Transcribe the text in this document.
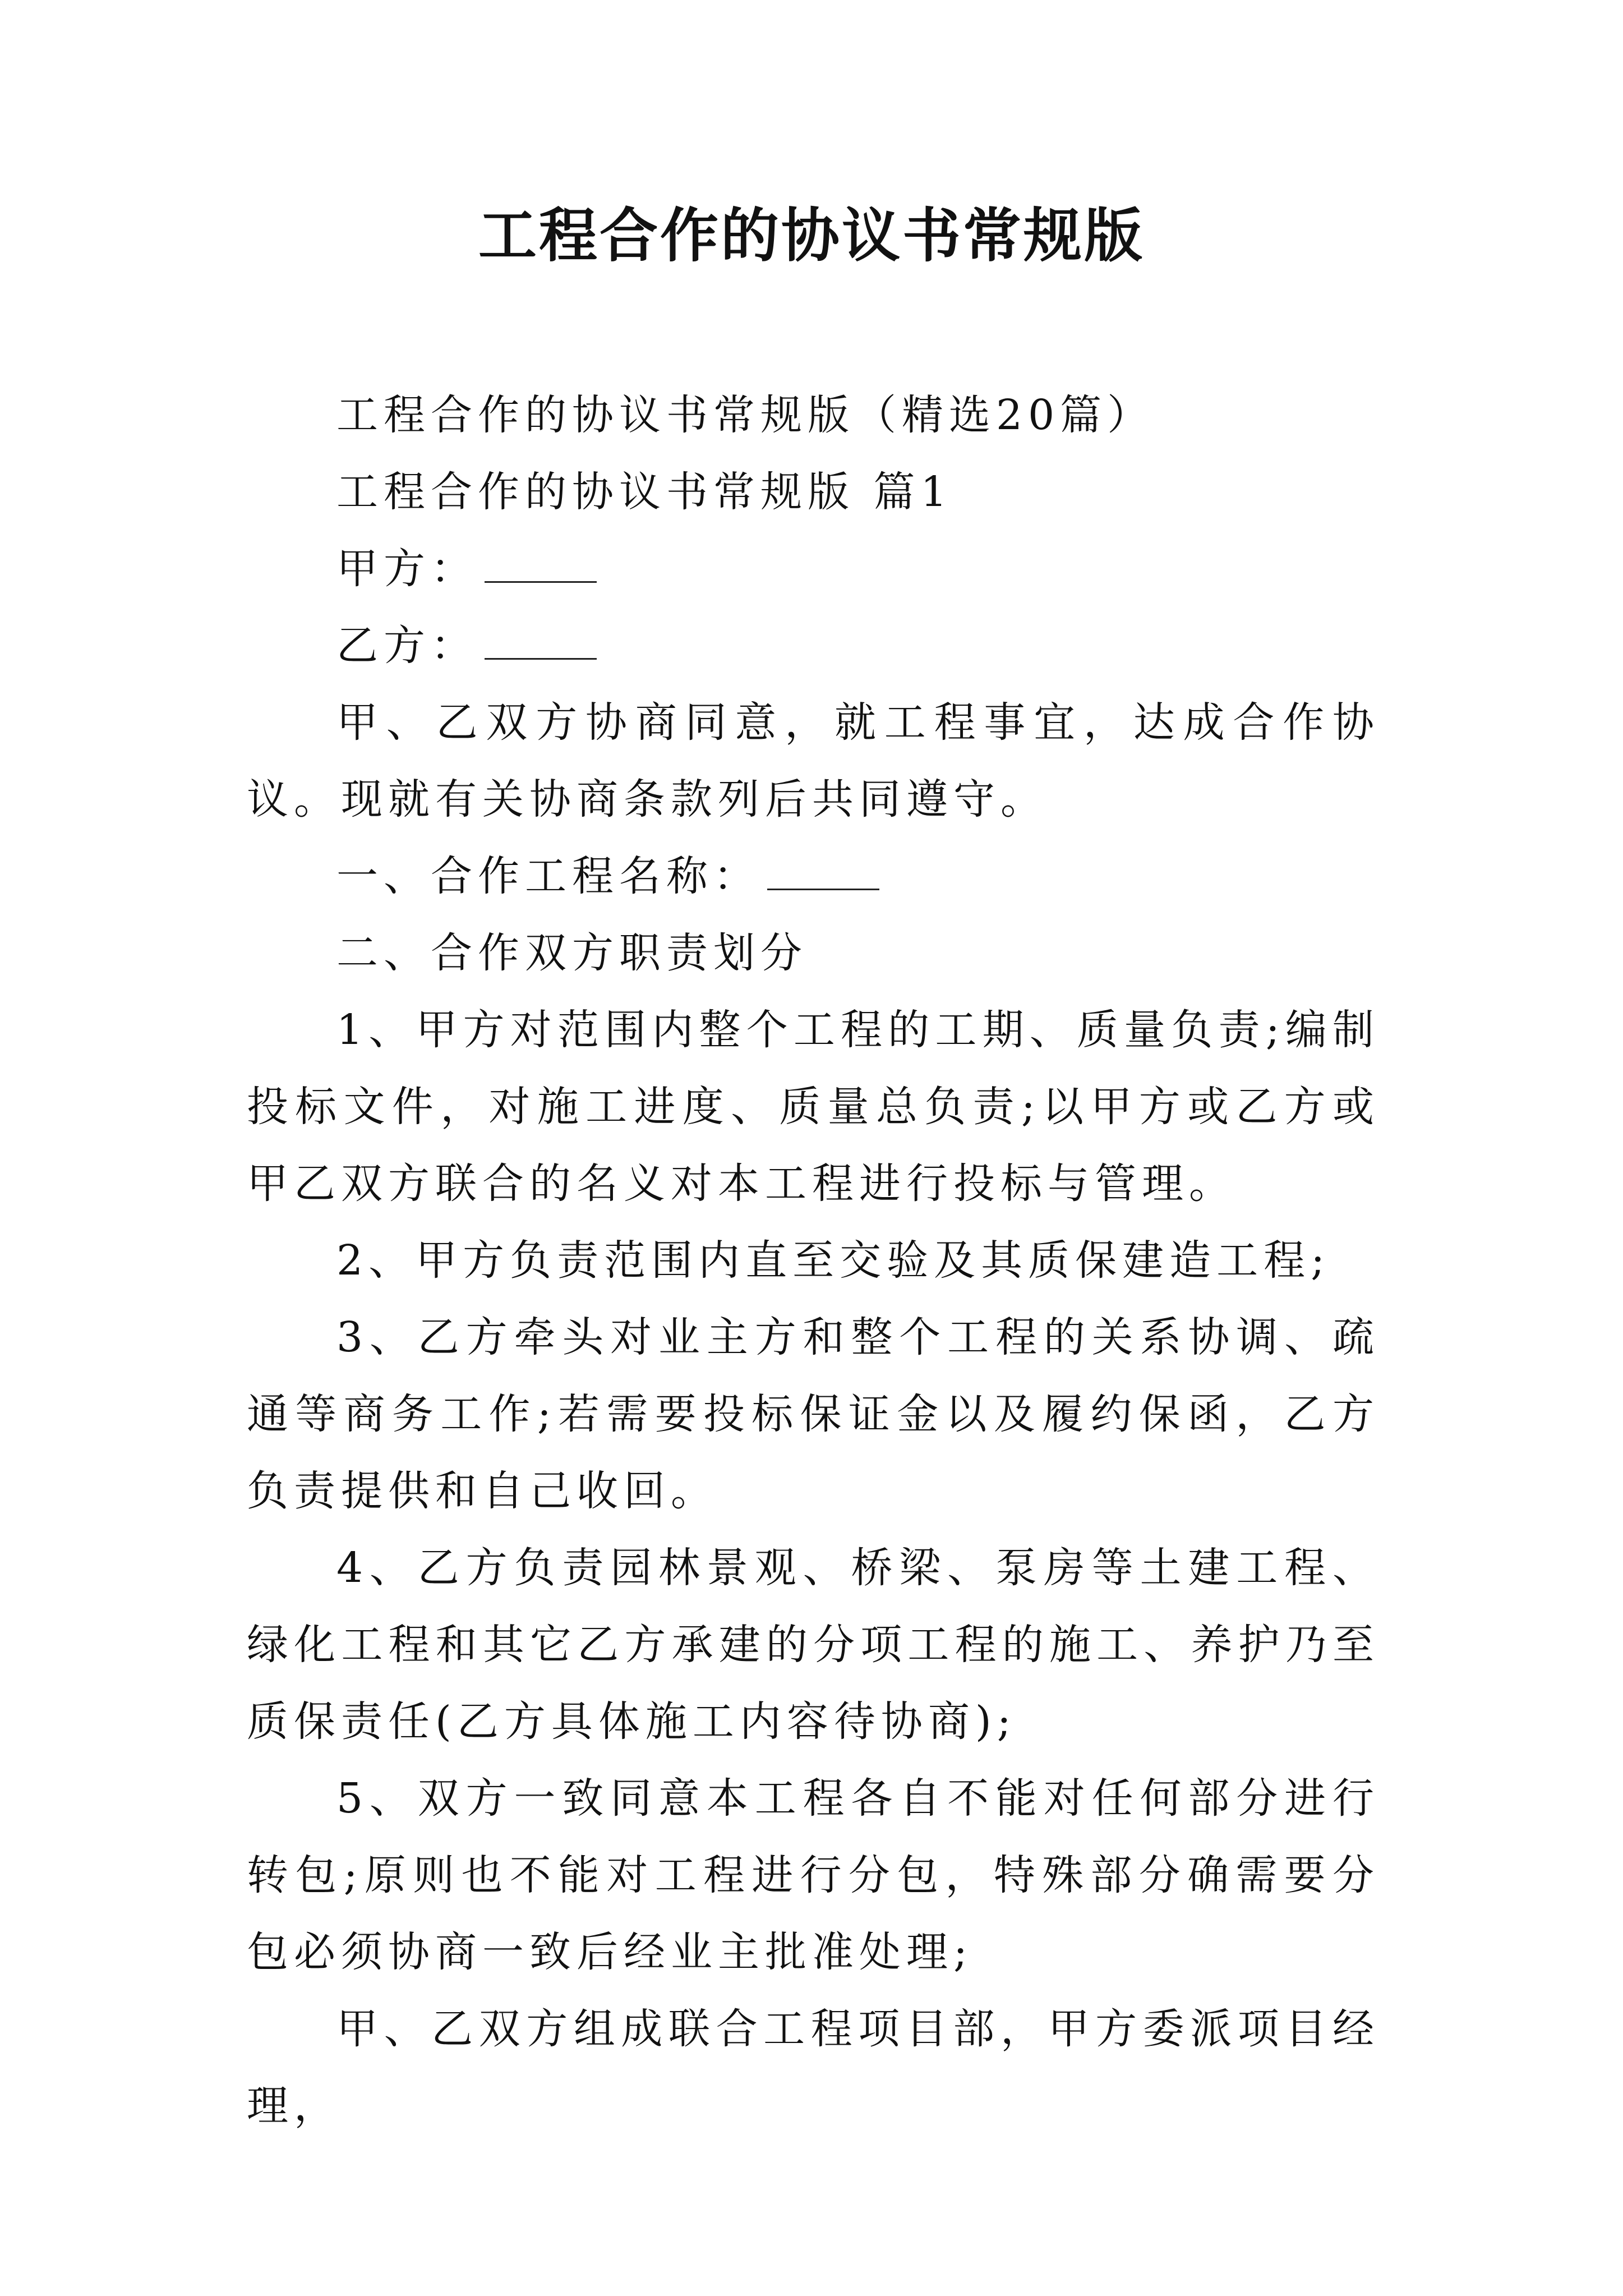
工程合作的协议书常规版

工程合作的协议书常规版（精选20篇）

工程合作的协议书常规版 篇1

甲方：

乙方：

甲、乙双方协商同意，就工程事宜，达成合作协议。现就有关协商条款列后共同遵守。

一、合作工程名称：

二、合作双方职责划分

1、甲方对范围内整个工程的工期、质量负责;编制投标文件，对施工进度、质量总负责;以甲方或乙方或甲乙双方联合的名义对本工程进行投标与管理。

2、甲方负责范围内直至交验及其质保建造工程;

3、乙方牵头对业主方和整个工程的关系协调、疏通等商务工作;若需要投标保证金以及履约保函，乙方负责提供和自己收回。

4、乙方负责园林景观、桥梁、泵房等土建工程、绿化工程和其它乙方承建的分项工程的施工、养护乃至质保责任(乙方具体施工内容待协商);

5、双方一致同意本工程各自不能对任何部分进行转包;原则也不能对工程进行分包，特殊部分确需要分包必须协商一致后经业主批准处理;

甲、乙双方组成联合工程项目部，甲方委派项目经理，
